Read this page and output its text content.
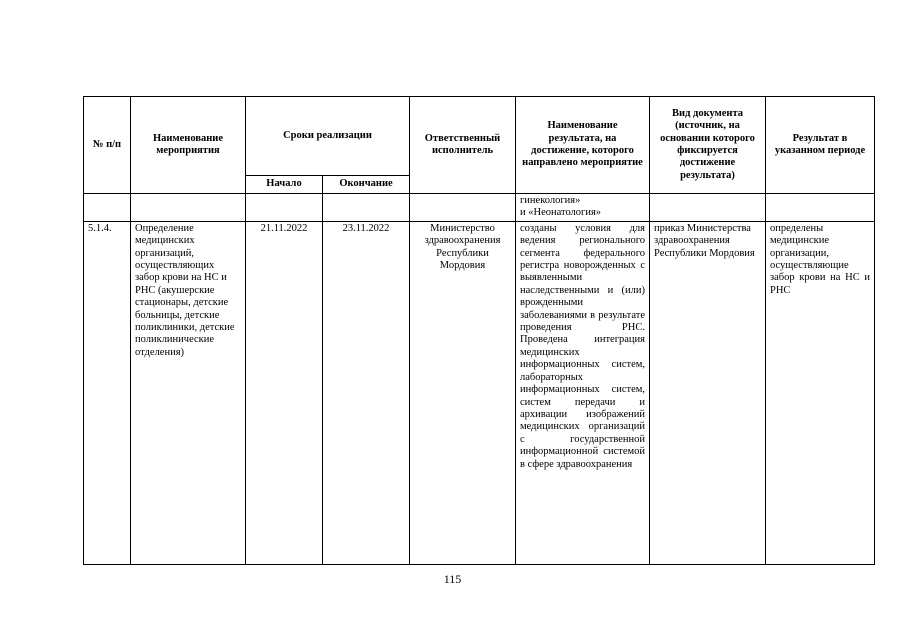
№ п/п	Наименование мероприятия	Сроки реализации		Ответственный исполнитель	Наименование результата, на достижение, которого направлено мероприятие	Вид документа (источник, на основании которого фиксируется достижение результата)	Результат в указанном периоде
		Начало	Окончание				

					гинекология»
и «Неонатология»		

5.1.4.	Определение медицинских организаций, осуществляющих забор крови на НС и РНС (акушерские стационары, детские больницы, детские поликлиники, детские поликлинические отделения)	21.11.2022	23.11.2022	Министерство здравоохранения Республики Мордовия	созданы условия для ведения регионального сегмента федерального регистра новорожденных с выявленными наследственными и (или) врожденными заболеваниями в результате проведения РНС. Проведена интеграция медицинских информационных систем, лабораторных информационных систем, систем передачи и архивации изображений медицинских организаций с государственной информационной системой в сфере здравоохранения	приказ Министерства здравоохранения Республики Мордовия	определены медицинские организации, осуществляющие забор крови на НС и РНС
115
